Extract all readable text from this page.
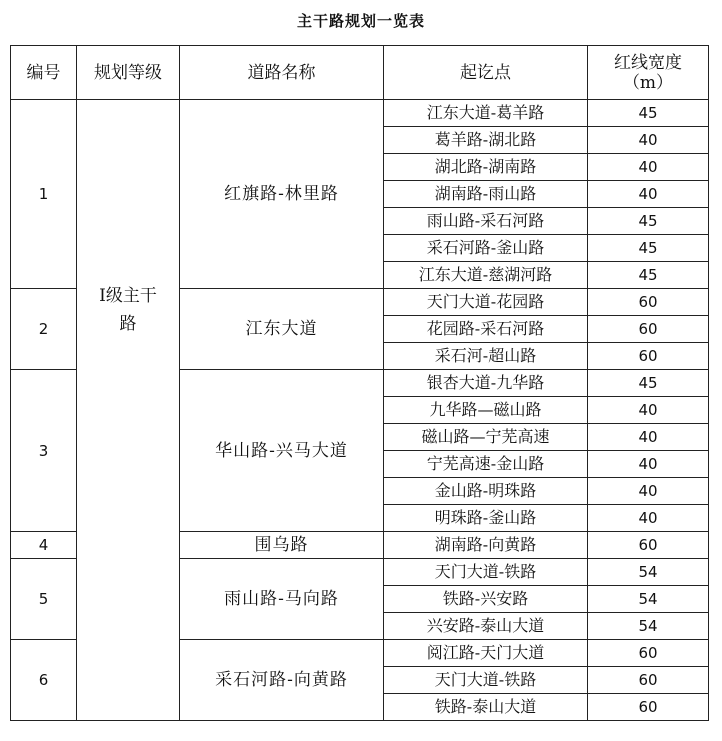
主干路规划一览表
编号	规划等级	道路名称	起讫点	红线宽度
（m）

1	Ⅰ级主干路	红旗路-林里路	江东大道-葛羊路	45
			葛羊路-湖北路	40
			湖北路-湖南路	40
			湖南路-雨山路	40
			雨山路-采石河路	45
			采石河路-釜山路	45
			江东大道-慈湖河路	45
2		江东大道	天门大道-花园路	60
			花园路-采石河路	60
			采石河-超山路	60
3		华山路-兴马大道	银杏大道-九华路	45
			九华路—磁山路	40
			磁山路—宁芜高速	40
			宁芜高速-金山路	40
			金山路-明珠路	40
			明珠路-釜山路	40
4		围乌路	湖南路-向黄路	60
5		雨山路-马向路	天门大道-铁路	54
			铁路-兴安路	54
			兴安路-泰山大道	54
6		采石河路-向黄路	阅江路-天门大道	60
			天门大道-铁路	60
			铁路-泰山大道	60
